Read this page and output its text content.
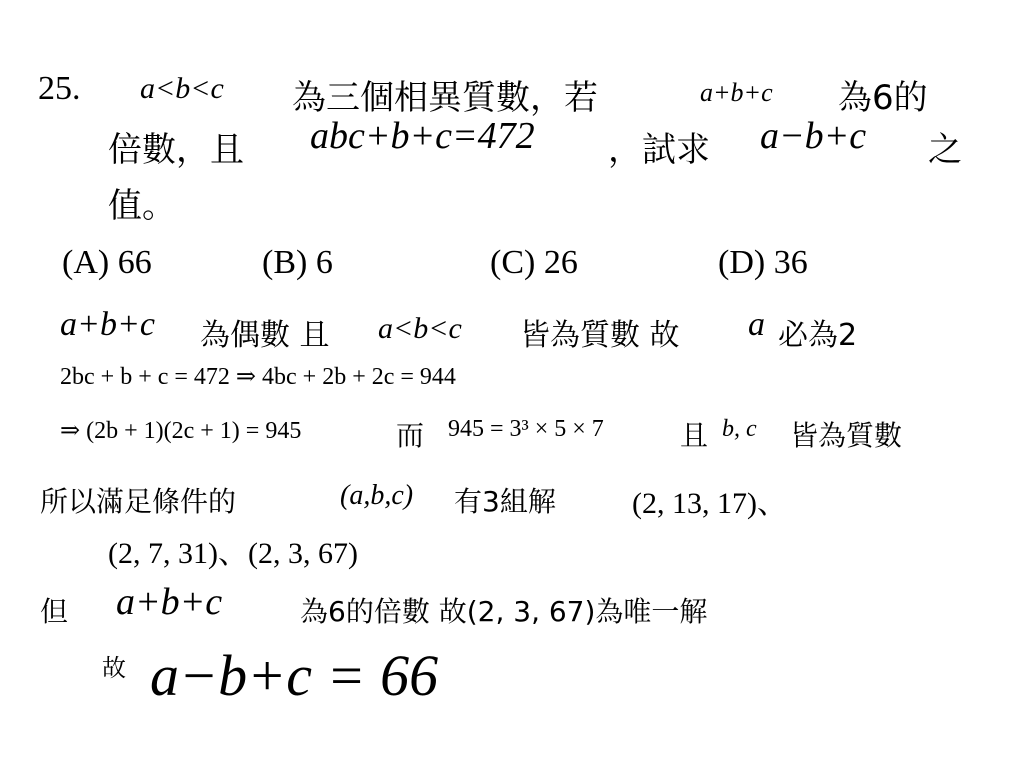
25. a<b<c 為三個相異質數，若	a+b+c 為6的
倍數，且 abc+b+c=472 ，試求 a−b+c 之
值。
(A) 66	(B) 6	(C) 26	(D) 36
a+b+c 為偶數 且 a<b<c 皆為質數 故 a 必為2
2bc + b + c = 472 ⇒ 4bc + 2b + 2c = 944
⇒ (2b + 1)(2c + 1) = 945	而 945 = 3³ × 5 × 7	且 b, c 皆為質數
所以滿足條件的	(a,b,c) 有3組解	(2, 13, 17)、
(2, 7, 31)、(2, 3, 67)
但 a+b+c	為6的倍數 故(2, 3, 67)為唯一解
故 a−b+c = 66
